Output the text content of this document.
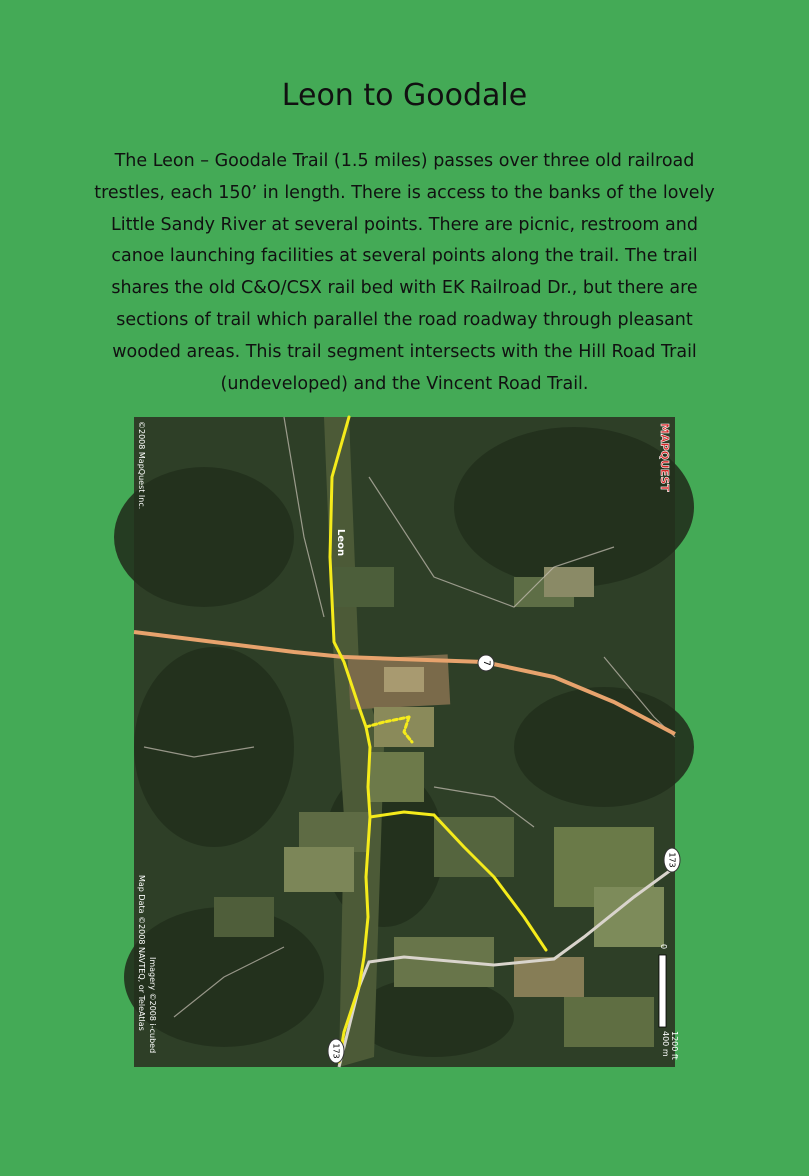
Leon to Goodale
The Leon – Goodale Trail (1.5 miles) passes over three old railroad
trestles, each 150’ in length. There is access to the banks of the lovely
Little Sandy River at several points. There are picnic, restroom and
canoe launching facilities at several points along the trail. The trail
shares the old C&O/CSX rail bed with EK Railroad Dr., but there are
sections of trail which parallel the road roadway through pleasant
wooded areas. This trail segment intersects with the Hill Road Trail
(undeveloped) and the Vincent Road Trail.
7
173
173
Leon
MAPQUEST
©2008 MapQuest Inc.
Map Data ©2008 NAVTEQ, or TeleAtlas Imagery ©2008 i-cubed
0
400 m 1200 ft
